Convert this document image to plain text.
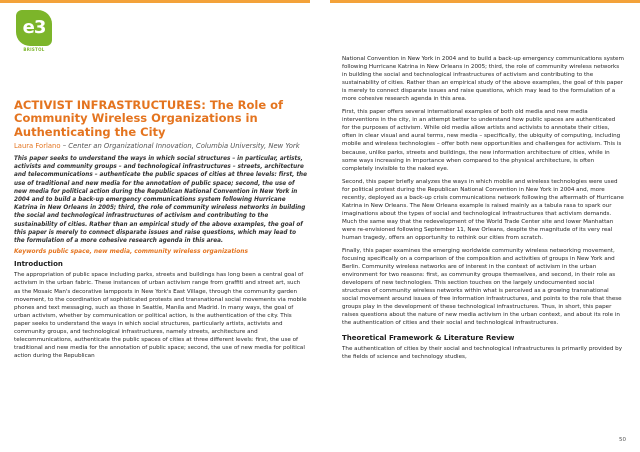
e3
BRISTOL
ACTIVIST INFRASTRUCTURES: The Role of Community Wireless Organizations in Authenticating the City

Laura Forlano – Center an Organizational Innovation, Columbia University, New York

This paper seeks to understand the ways in which social structures – in particular, artists, activists and community groups – and technological infrastructures – streets, architecture and telecommunications – authenticate the public spaces of cities at three levels: first, the use of traditional and new media for the annotation of public space; second, the use of new media for political action during the Republican National Convention in New York in 2004 and to build a back-up emergency communications system following Hurricane Katrina in New Orleans in 2005; third, the role of community wireless networks in building the social and technological infrastructures of activism and contributing to the sustainability of cities. Rather than an empirical study of the above examples, the goal of this paper is merely to connect disparate issues and raise questions, which may lead to the formulation of a more cohesive research agenda in this area.

Keywords public space, new media, community wireless organizations

Introduction

The appropriation of public space including parks, streets and buildings has long been a central goal of activism in the urban fabric. These instances of urban activism range from graffiti and street art, such as the Mosaic Man's decorative lampposts in New York's East Village, through the community garden movement, to the coordination of sophisticated protests and transnational social movements via mobile phones and text messaging, such as those in Seattle, Manila and Madrid. In many ways, the goal of urban activism, whether by communication or political action, is the authentication of the city. This paper seeks to understand the ways in which social structures, particularly artists, activists and community groups, and technological infrastructures, namely streets, architecture and telecommunications, authenticate the public spaces of cities at three different levels: first, the use of traditional and new media for the annotation of public space; second, the use of new media for political action during the Republican

National Convention in New York in 2004 and to build a back-up emergency communications system following Hurricane Katrina in New Orleans in 2005; third, the role of community wireless networks in building the social and technological infrastructures of activism and contributing to the sustainability of cities. Rather than an empirical study of the above examples, the goal of this paper is merely to connect disparate issues and raise questions, which may lead to the formulation of a more cohesive research agenda in this area.

First, this paper offers several international examples of both old media and new media interventions in the city, in an attempt better to understand how public spaces are authenticated for the purposes of activism. While old media allow artists and activists to annotate their cities, often in clear visual and aural terms, new media – specifically, the ubiquity of computing, including mobile and wireless technologies – offer both new opportunities and challenges for activism. This is because, unlike parks, streets and buildings, the new information architecture of cities, while in some ways increasing in importance when compared to the physical architecture, is often completely invisible to the naked eye.

Second, this paper briefly analyzes the ways in which mobile and wireless technologies were used for political protest during the Republican National Convention in New York in 2004 and, more recently, deployed as a back-up crisis communications network following the aftermath of Hurricane Katrina in New Orleans. The New Orleans example is raised mainly as a tabula rasa to spark our imaginations about the types of social and technological infrastructures that activism demands. Much the same way that the redevelopment of the World Trade Center site and lower Manhattan were re-envisioned following September 11, New Orleans, despite the magnitude of its very real human tragedy, offers an opportunity to rethink our cities from scratch.

Finally, this paper examines the emerging worldwide community wireless networking movement, focusing specifically on a comparison of the composition and activities of groups in New York and Berlin. Community wireless networks are of interest in the context of activism in the urban environment for two reasons: first, as community groups themselves, and second, in their role as developers of new technologies. This section touches on the largely undocumented social structures of community wireless networks within what is perceived as a growing transnational social movement around issues of free information infrastructures, and points to the role that these groups play in the development of these technological infrastructures. Thus, in short, this paper raises questions about the nature of new media activism in the urban context, and about its role in the authentication of cities and their social and technological infrastructures.

Theoretical Framework & Literature Review

The authentication of cities by their social and technological infrastructures is primarily provided by the fields of science and technology studies,

50
